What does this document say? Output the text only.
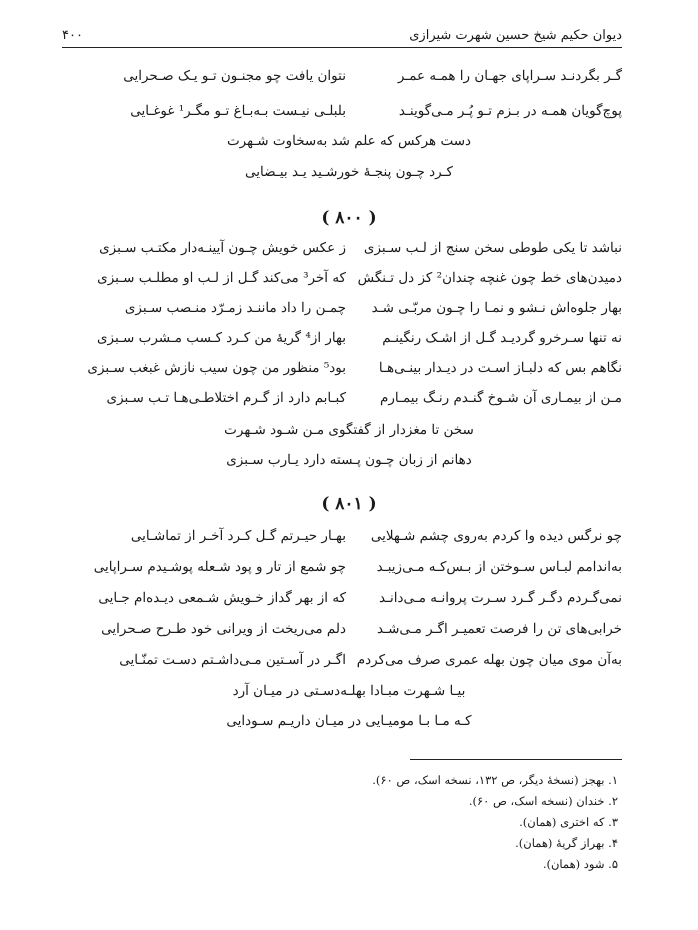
دیوان حکیم شیخ حسین شهرت شیرازی
۴۰۰
گـر بگردنـد سـراپای جهـان را همـه عمـر
نتوان یافت چو مجنـون تـو یـک صـحرایی
پوچ‌گویان همـه در بـزم تـو پُـر مـی‌گوینـد
بلبلـی نیـست بـه‌بـاغ تـو مگـر¹ غوغـایی
دست هرکس که علم شد به‌سخاوت شـهرت
کـرد چـون پنجـهٔ خورشـید یـد بیـضایی
( ۸۰۰ )
نباشد تا یکی طوطی سخن سنج از لـب سـبزی
ز عکس خویش چـون آیینـه‌دار مکتـب سـبزی
دمیدن‌های خط چون غنچه چندان² کز دل تـنگش
که آخر³ می‌کند گـل از لـب او مطلـب سـبزی
بهار جلوه‌اش نـشو و نمـا را چـون مربّـی شـد
چمـن را داد ماننـد زمـرّد منـصب سـبزی
نه تنها سـرخرو گردیـد گـل از اشـک رنگینـم
بهار از⁴ گریهٔ من کـرد کـسب مـشرب سـبزی
نگاهم بس که دلبـاز اسـت در دیـدار بینـی‌هـا
بود⁵ منظور من چون سیب نازش غبغب سـبزی
مـن از بیمـاری آن شـوخ گنـدم رنـگ بیمـارم
کبـابم دارد از گـرم اختلاطـی‌هـا تـب سـبزی
سخن تا مغزدار از گفتگوی مـن شـود شـهرت
دهانم از زبان چـون پـسته دارد یـارب سـبزی
( ۸۰۱ )
چو نرگس دیده وا کردم به‌روی چشم شـهلایی
بهـار حیـرتم گـل کـرد آخـر از تماشـایی
به‌اندامم لبـاس سـوختن از بـس‌کـه مـی‌زیبـد
چو شمع از تار و پود شـعله پوشـیدم سـراپایی
نمی‌گـردم دگـر گـرد سـرت پروانـه مـی‌دانـد
که از بهر گداز خـویش شـمعی دیـده‌ام جـایی
خرابی‌های تن را فرصت تعمیـر اگـر مـی‌شـد
دلم می‌ریخت از ویرانی خود طـرح صـحرایی
به‌آن موی میان چون بهله عمری صرف می‌کردم
اگـر در آسـتین مـی‌داشـتم دسـت تمنّـایی
بیـا شـهرت مبـادا بهلـه‌دسـتی در میـان آرد
کـه مـا بـا مومیـایی در میـان داریـم سـودایی
۱. بهجز (نسخهٔ دیگر، ص ۱۳۲، نسخه اسک، ص ۶۰).
۲. خندان (نسخه اسک، ص ۶۰).
۳. که اختری (همان).
۴. بهراز گریهٔ (همان).
۵. شود (همان).
